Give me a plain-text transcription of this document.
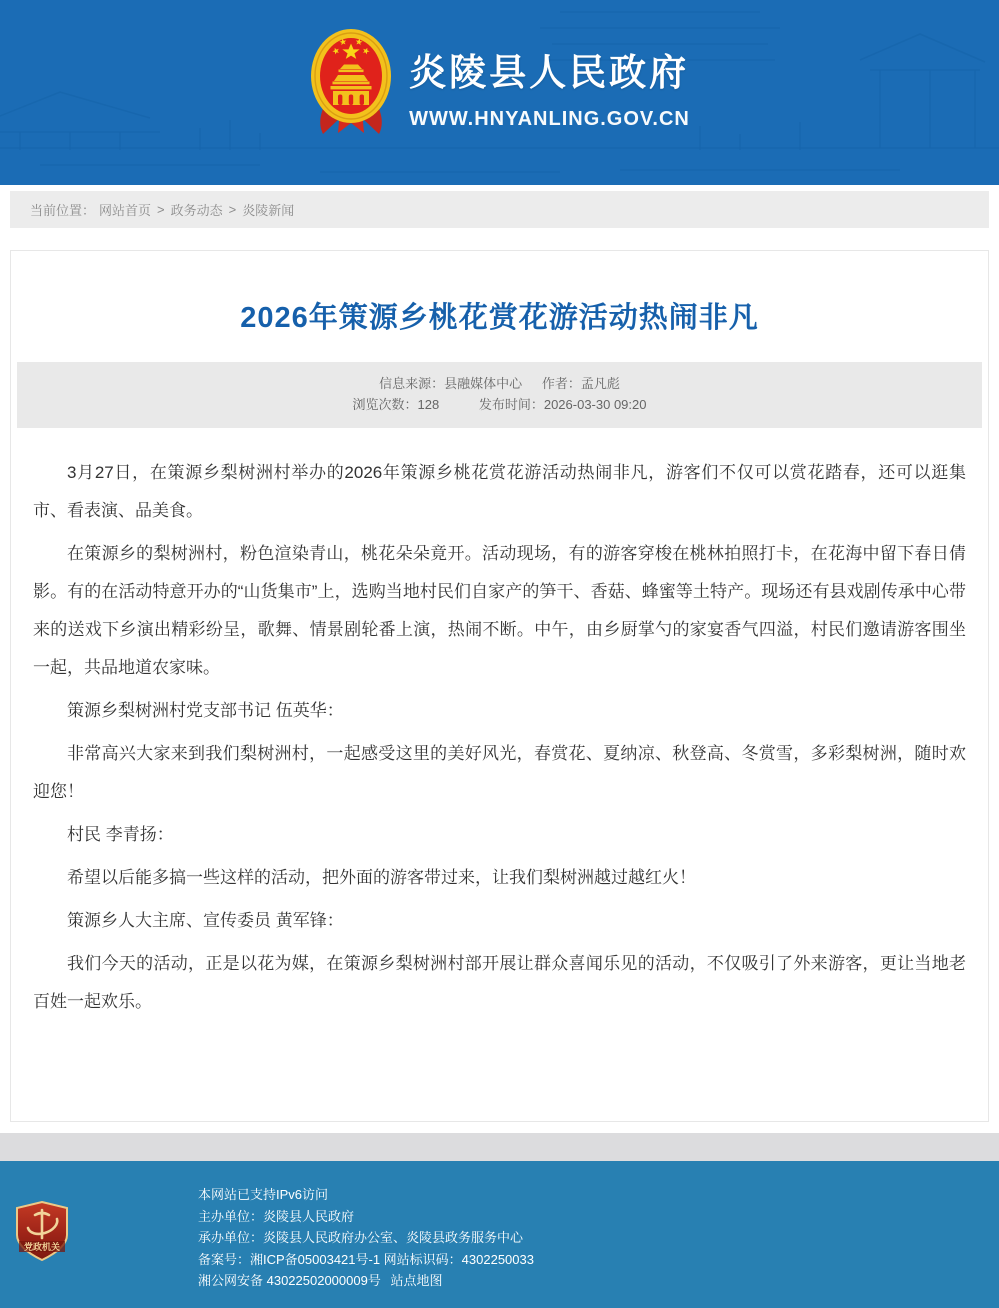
炎陵县人民政府
WWW.HNYANLING.GOV.CN
当前位置： 网站首页 > 政务动态 > 炎陵新闻
2026年策源乡桃花赏花游活动热闹非凡
信息来源：县融媒体中心 作者：孟凡彪
浏览次数：128	发布时间：2026-03-30 09:20

3月27日，在策源乡梨树洲村举办的2026年策源乡桃花赏花游活动热闹非凡，游客们不仅可以赏花踏春，还可以逛集市、看表演、品美食。

在策源乡的梨树洲村，粉色渲染青山，桃花朵朵竟开。活动现场，有的游客穿梭在桃林拍照打卡，在花海中留下春日倩影。有的在活动特意开办的“山货集市”上，选购当地村民们自家产的笋干、香菇、蜂蜜等土特产。现场还有县戏剧传承中心带来的送戏下乡演出精彩纷呈，歌舞、情景剧轮番上演，热闹不断。中午，由乡厨掌勺的家宴香气四溢，村民们邀请游客围坐一起，共品地道农家味。

策源乡梨树洲村党支部书记 伍英华：

非常高兴大家来到我们梨树洲村，一起感受这里的美好风光，春赏花、夏纳凉、秋登高、冬赏雪，多彩梨树洲，随时欢迎您！

村民 李青扬：

希望以后能多搞一些这样的活动，把外面的游客带过来，让我们梨树洲越过越红火！

策源乡人大主席、宣传委员 黄军锋：

我们今天的活动，正是以花为媒，在策源乡梨树洲村部开展让群众喜闻乐见的活动，不仅吸引了外来游客，更让当地老百姓一起欢乐。

党政机关
本网站已支持IPv6访问
主办单位：炎陵县人民政府
承办单位：炎陵县人民政府办公室、炎陵县政务服务中心
备案号：湘ICP备05003421号-1 网站标识码：4302250033
湘公网安备 43022502000009号 站点地图
